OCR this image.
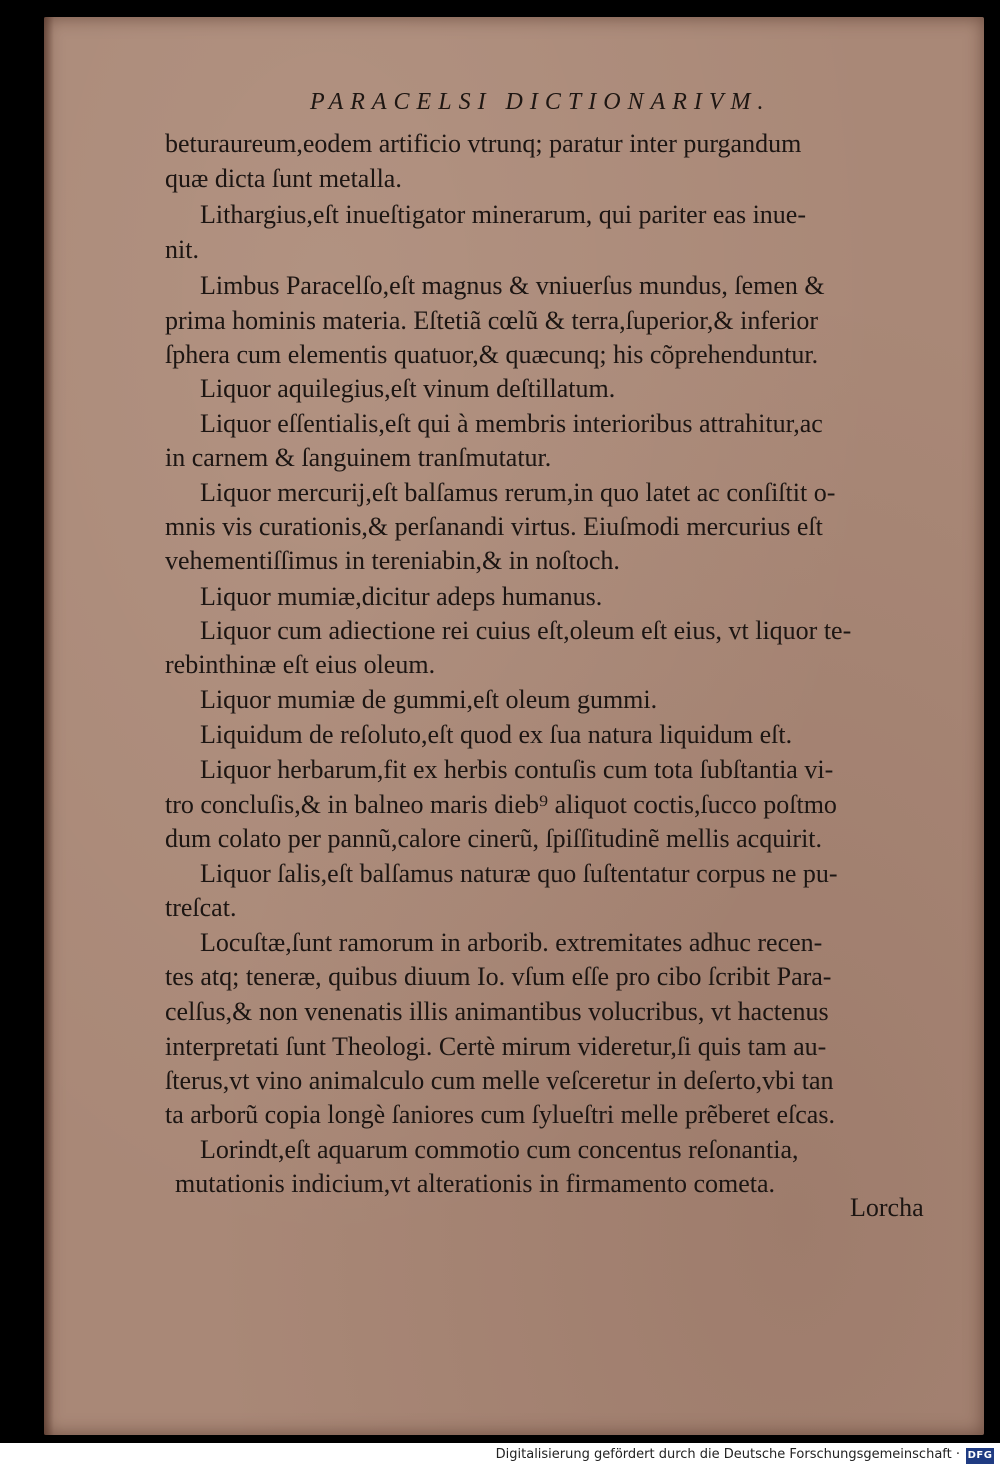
PARACELSI DICTIONARIVM.
beturaureum,eodem artificio vtrunq; paratur inter purgandum
quæ dicta ſunt metalla.
Lithargius,eſt inueſtigator minerarum, qui pariter eas inue-
nit.
Limbus Paracelſo,eſt magnus & vniuerſus mundus, ſemen &
prima hominis materia. Eſtetiã cœlũ & terra,ſuperior,& inferior
ſphera cum elementis quatuor,& quæcunq; his cõprehenduntur.
Liquor aquilegius,eſt vinum deſtillatum.
Liquor eſſentialis,eſt qui à membris interioribus attrahitur,ac
in carnem & ſanguinem tranſmutatur.
Liquor mercurij,eſt balſamus rerum,in quo latet ac conſiſtit o-
mnis vis curationis,& perſanandi virtus. Eiuſmodi mercurius eſt
vehementiſſimus in tereniabin,& in noſtoch.
Liquor mumiæ,dicitur adeps humanus.
Liquor cum adiectione rei cuius eſt,oleum eſt eius, vt liquor te-
rebinthinæ eſt eius oleum.
Liquor mumiæ de gummi,eſt oleum gummi.
Liquidum de reſoluto,eſt quod ex ſua natura liquidum eſt.
Liquor herbarum,fit ex herbis contuſis cum tota ſubſtantia vi-
tro concluſis,& in balneo maris dieb⁹ aliquot coctis,ſucco poſtmo
dum colato per pannũ,calore cinerũ, ſpiſſitudinẽ mellis acquirit.
Liquor ſalis,eſt balſamus naturæ quo ſuſtentatur corpus ne pu-
treſcat.
Locuſtæ,ſunt ramorum in arborib. extremitates adhuc recen-
tes atq; teneræ, quibus diuum Io. vſum eſſe pro cibo ſcribit Para-
celſus,& non venenatis illis animantibus volucribus, vt hactenus
interpretati ſunt Theologi. Certè mirum videretur,ſi quis tam au-
ſterus,vt vino animalculo cum melle veſceretur in deſerto,vbi tan
ta arborũ copia longè ſaniores cum ſylueſtri melle prẽberet eſcas.
Lorindt,eſt aquarum commotio cum concentus reſonantia,
mutationis indicium,vt alterationis in firmamento cometa.
Lorcha
Digitalisierung gefördert durch die Deutsche Forschungsgemeinschaft · DFG
